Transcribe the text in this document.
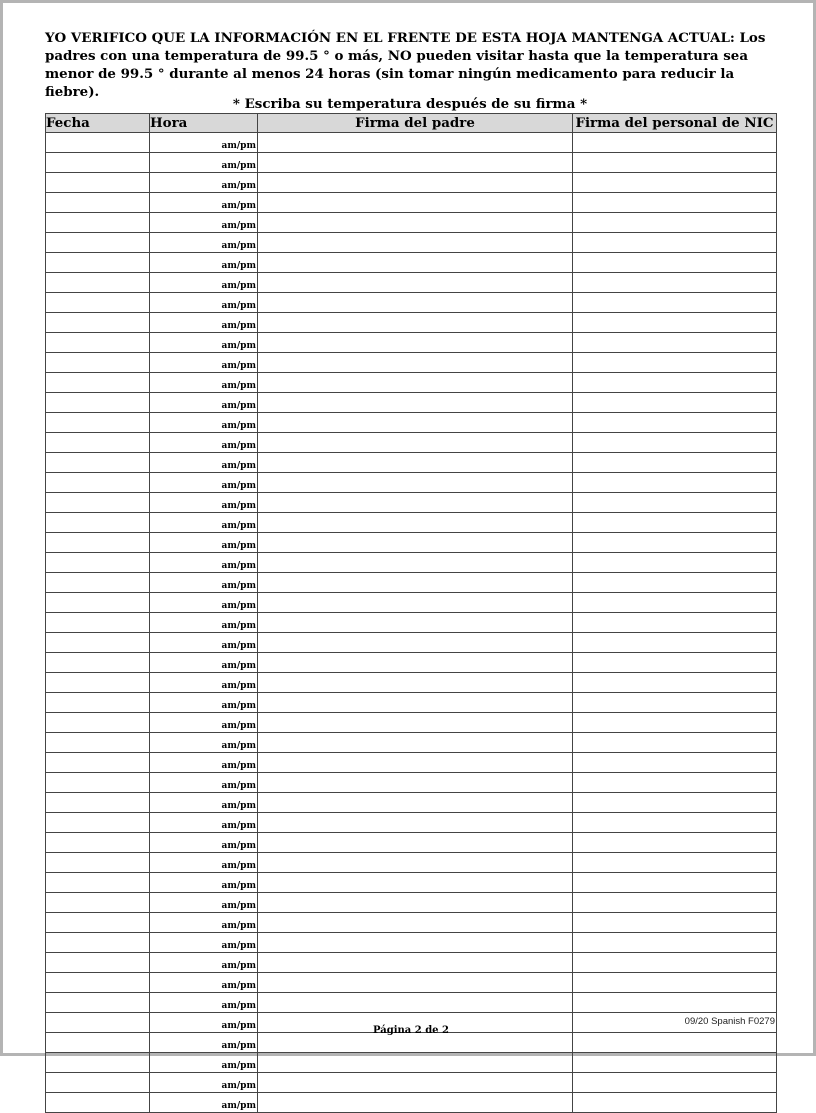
YO VERIFICO QUE LA INFORMACIÓN EN EL FRENTE DE ESTA HOJA MANTENGA ACTUAL: Los padres con una temperatura de 99.5 ° o más, NO pueden visitar hasta que la temperatura sea menor de 99.5 ° durante al menos 24 horas (sin tomar ningún medicamento para reducir la fiebre).
* Escriba su temperatura después de su firma *
Fecha	Hora	Firma del padre	Firma del personal de NIC
	am/pm		
	am/pm		
	am/pm		
	am/pm		
	am/pm		
	am/pm		
	am/pm		
	am/pm		
	am/pm		
	am/pm		
	am/pm		
	am/pm		
	am/pm		
	am/pm		
	am/pm		
	am/pm		
	am/pm		
	am/pm		
	am/pm		
	am/pm		
	am/pm		
	am/pm		
	am/pm		
	am/pm		
	am/pm		
	am/pm		
	am/pm		
	am/pm		
	am/pm		
	am/pm		
	am/pm		
	am/pm		
	am/pm		
	am/pm		
	am/pm		
	am/pm		
	am/pm		
	am/pm		
	am/pm		
	am/pm		
	am/pm		
	am/pm		
	am/pm		
	am/pm		
	am/pm		
	am/pm		
	am/pm		
	am/pm		
	am/pm		
09/20 Spanish F0279
Página 2 de 2
